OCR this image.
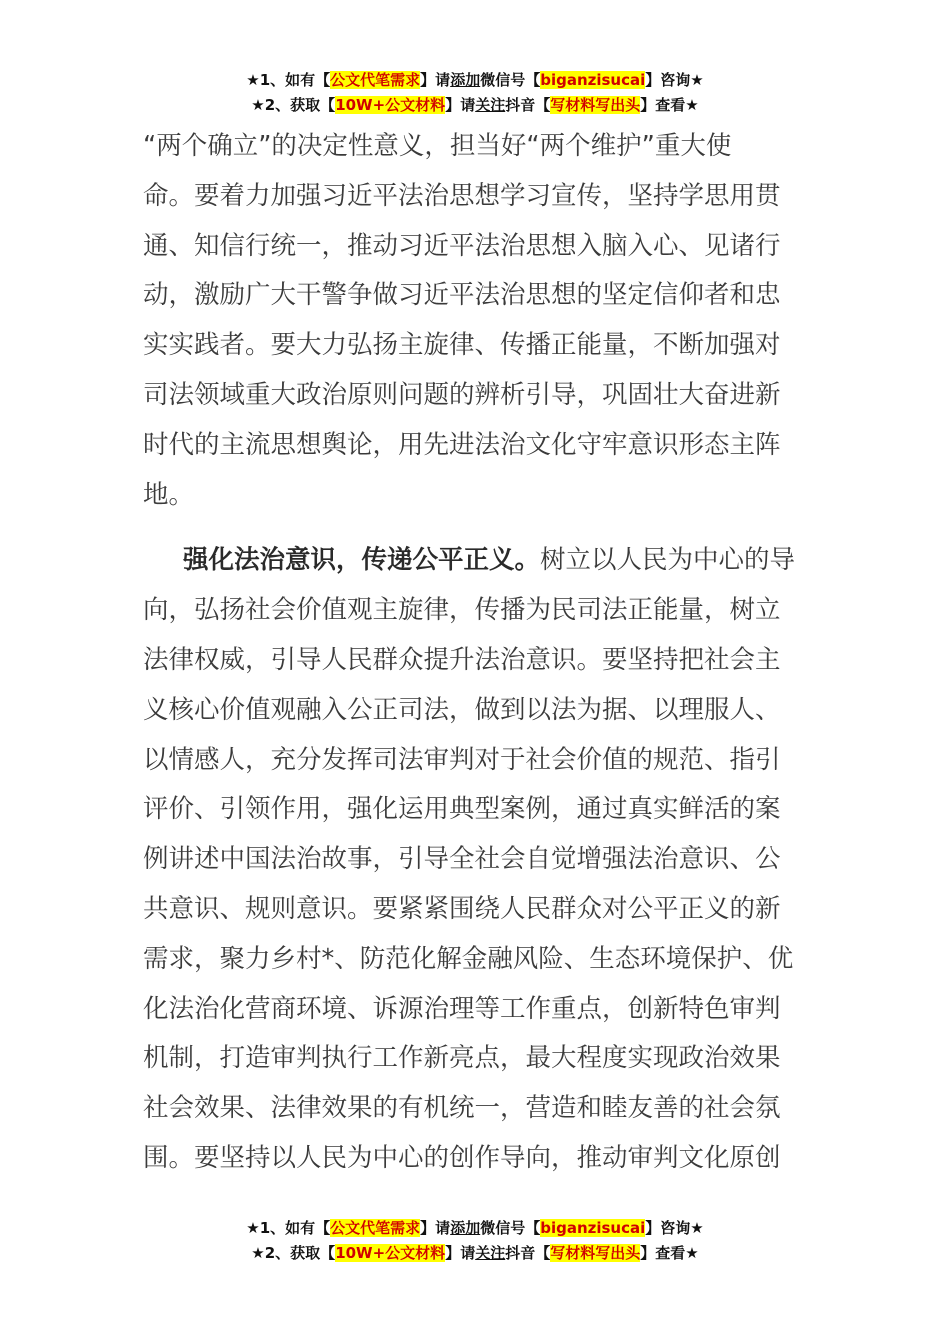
★1、如有【公文代笔需求】请添加微信号【biganzisucai】咨询★
★2、获取【10W+公文材料】请关注抖音【写材料写出头】查看★

“两个确立”的决定性意义，担当好“两个维护”重大使
命。要着力加强习近平法治思想学习宣传，坚持学思用贯
通、知信行统一，推动习近平法治思想入脑入心、见诸行
动，激励广大干警争做习近平法治思想的坚定信仰者和忠
实实践者。要大力弘扬主旋律、传播正能量，不断加强对
司法领域重大政治原则问题的辨析引导，巩固壮大奋进新
时代的主流思想舆论，用先进法治文化守牢意识形态主阵
地。

强化法治意识，传递公平正义。树立以人民为中心的导
向，弘扬社会价值观主旋律，传播为民司法正能量，树立
法律权威，引导人民群众提升法治意识。要坚持把社会主
义核心价值观融入公正司法，做到以法为据、以理服人、
以情感人，充分发挥司法审判对于社会价值的规范、指引
评价、引领作用，强化运用典型案例，通过真实鲜活的案
例讲述中国法治故事，引导全社会自觉增强法治意识、公
共意识、规则意识。要紧紧围绕人民群众对公平正义的新
需求，聚力乡村*、防范化解金融风险、生态环境保护、优
化法治化营商环境、诉源治理等工作重点，创新特色审判
机制，打造审判执行工作新亮点，最大程度实现政治效果
社会效果、法律效果的有机统一，营造和睦友善的社会氛
围。要坚持以人民为中心的创作导向，推动审判文化原创

★1、如有【公文代笔需求】请添加微信号【biganzisucai】咨询★
★2、获取【10W+公文材料】请关注抖音【写材料写出头】查看★
